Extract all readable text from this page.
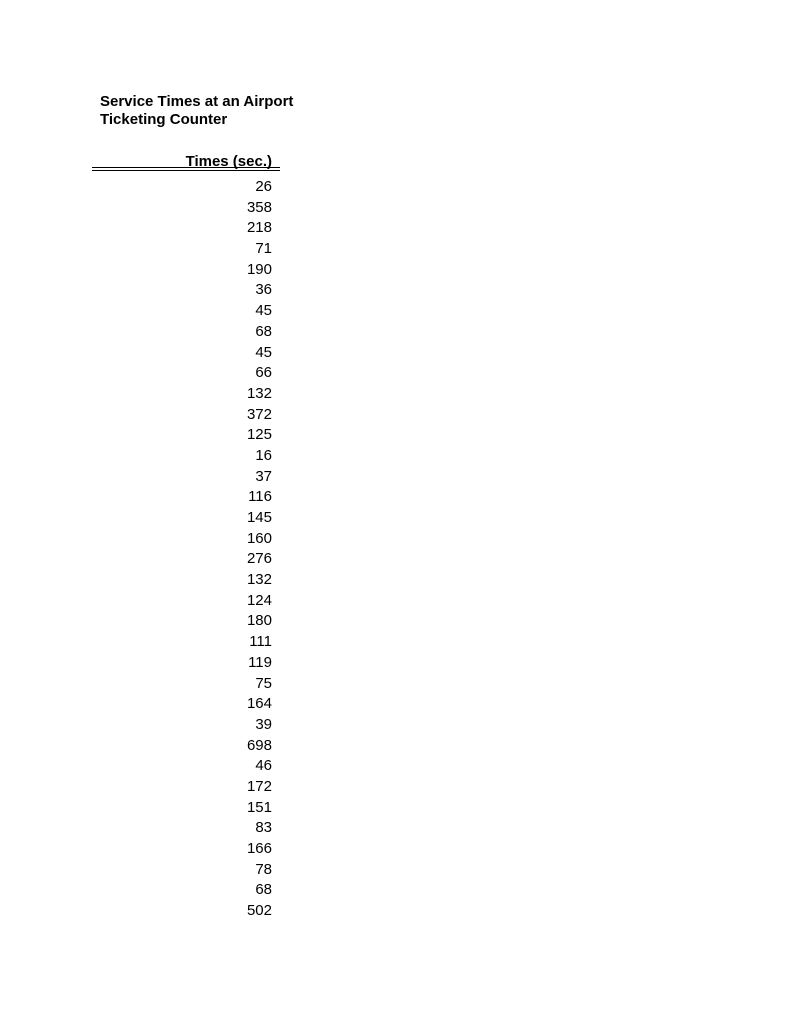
Service Times at an Airport
Ticketing Counter
Times (sec.)
26
358
218
71
190
36
45
68
45
66
132
372
125
16
37
116
145
160
276
132
124
180
111
119
75
164
39
698
46
172
151
83
166
78
68
502
